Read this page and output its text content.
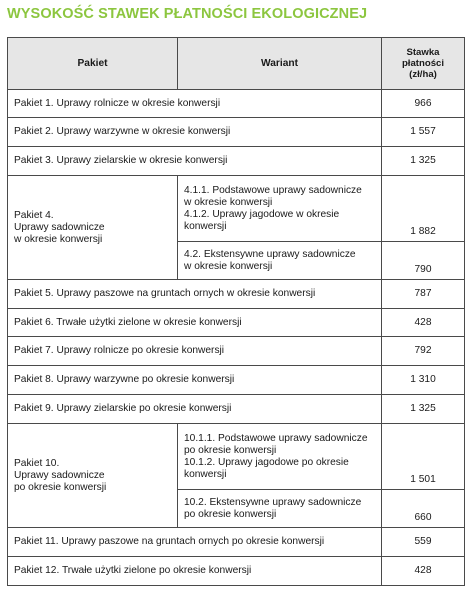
WYSOKOŚĆ STAWEK PŁATNOŚCI EKOLOGICZNEJ
Pakiet	Wariant	Stawka
płatności
(zł/ha)

Pakiet 1. Uprawy rolnicze w okresie konwersji		966
Pakiet 2. Uprawy warzywne w okresie konwersji		1 557
Pakiet 3. Uprawy zielarskie w okresie konwersji		1 325

Pakiet 4.
Uprawy sadownicze
w okresie konwersji	4.1.1. Podstawowe uprawy sadownicze
w okresie konwersji
4.1.2. Uprawy jagodowe w okresie
konwersji	1 882

	4.2. Ekstensywne uprawy sadownicze
w okresie konwersji	790
Pakiet 5. Uprawy paszowe na gruntach ornych w okresie konwersji		787
Pakiet 6. Trwałe użytki zielone w okresie konwersji		428
Pakiet 7. Uprawy rolnicze po okresie konwersji		792
Pakiet 8. Uprawy warzywne po okresie konwersji		1 310
Pakiet 9. Uprawy zielarskie po okresie konwersji		1 325

Pakiet 10.
Uprawy sadownicze
po okresie konwersji	10.1.1. Podstawowe uprawy sadownicze
po okresie konwersji
10.1.2. Uprawy jagodowe po okresie
konwersji	1 501

	10.2. Ekstensywne uprawy sadownicze
po okresie konwersji	660
Pakiet 11. Uprawy paszowe na gruntach ornych po okresie konwersji		559
Pakiet 12. Trwałe użytki zielone po okresie konwersji		428
